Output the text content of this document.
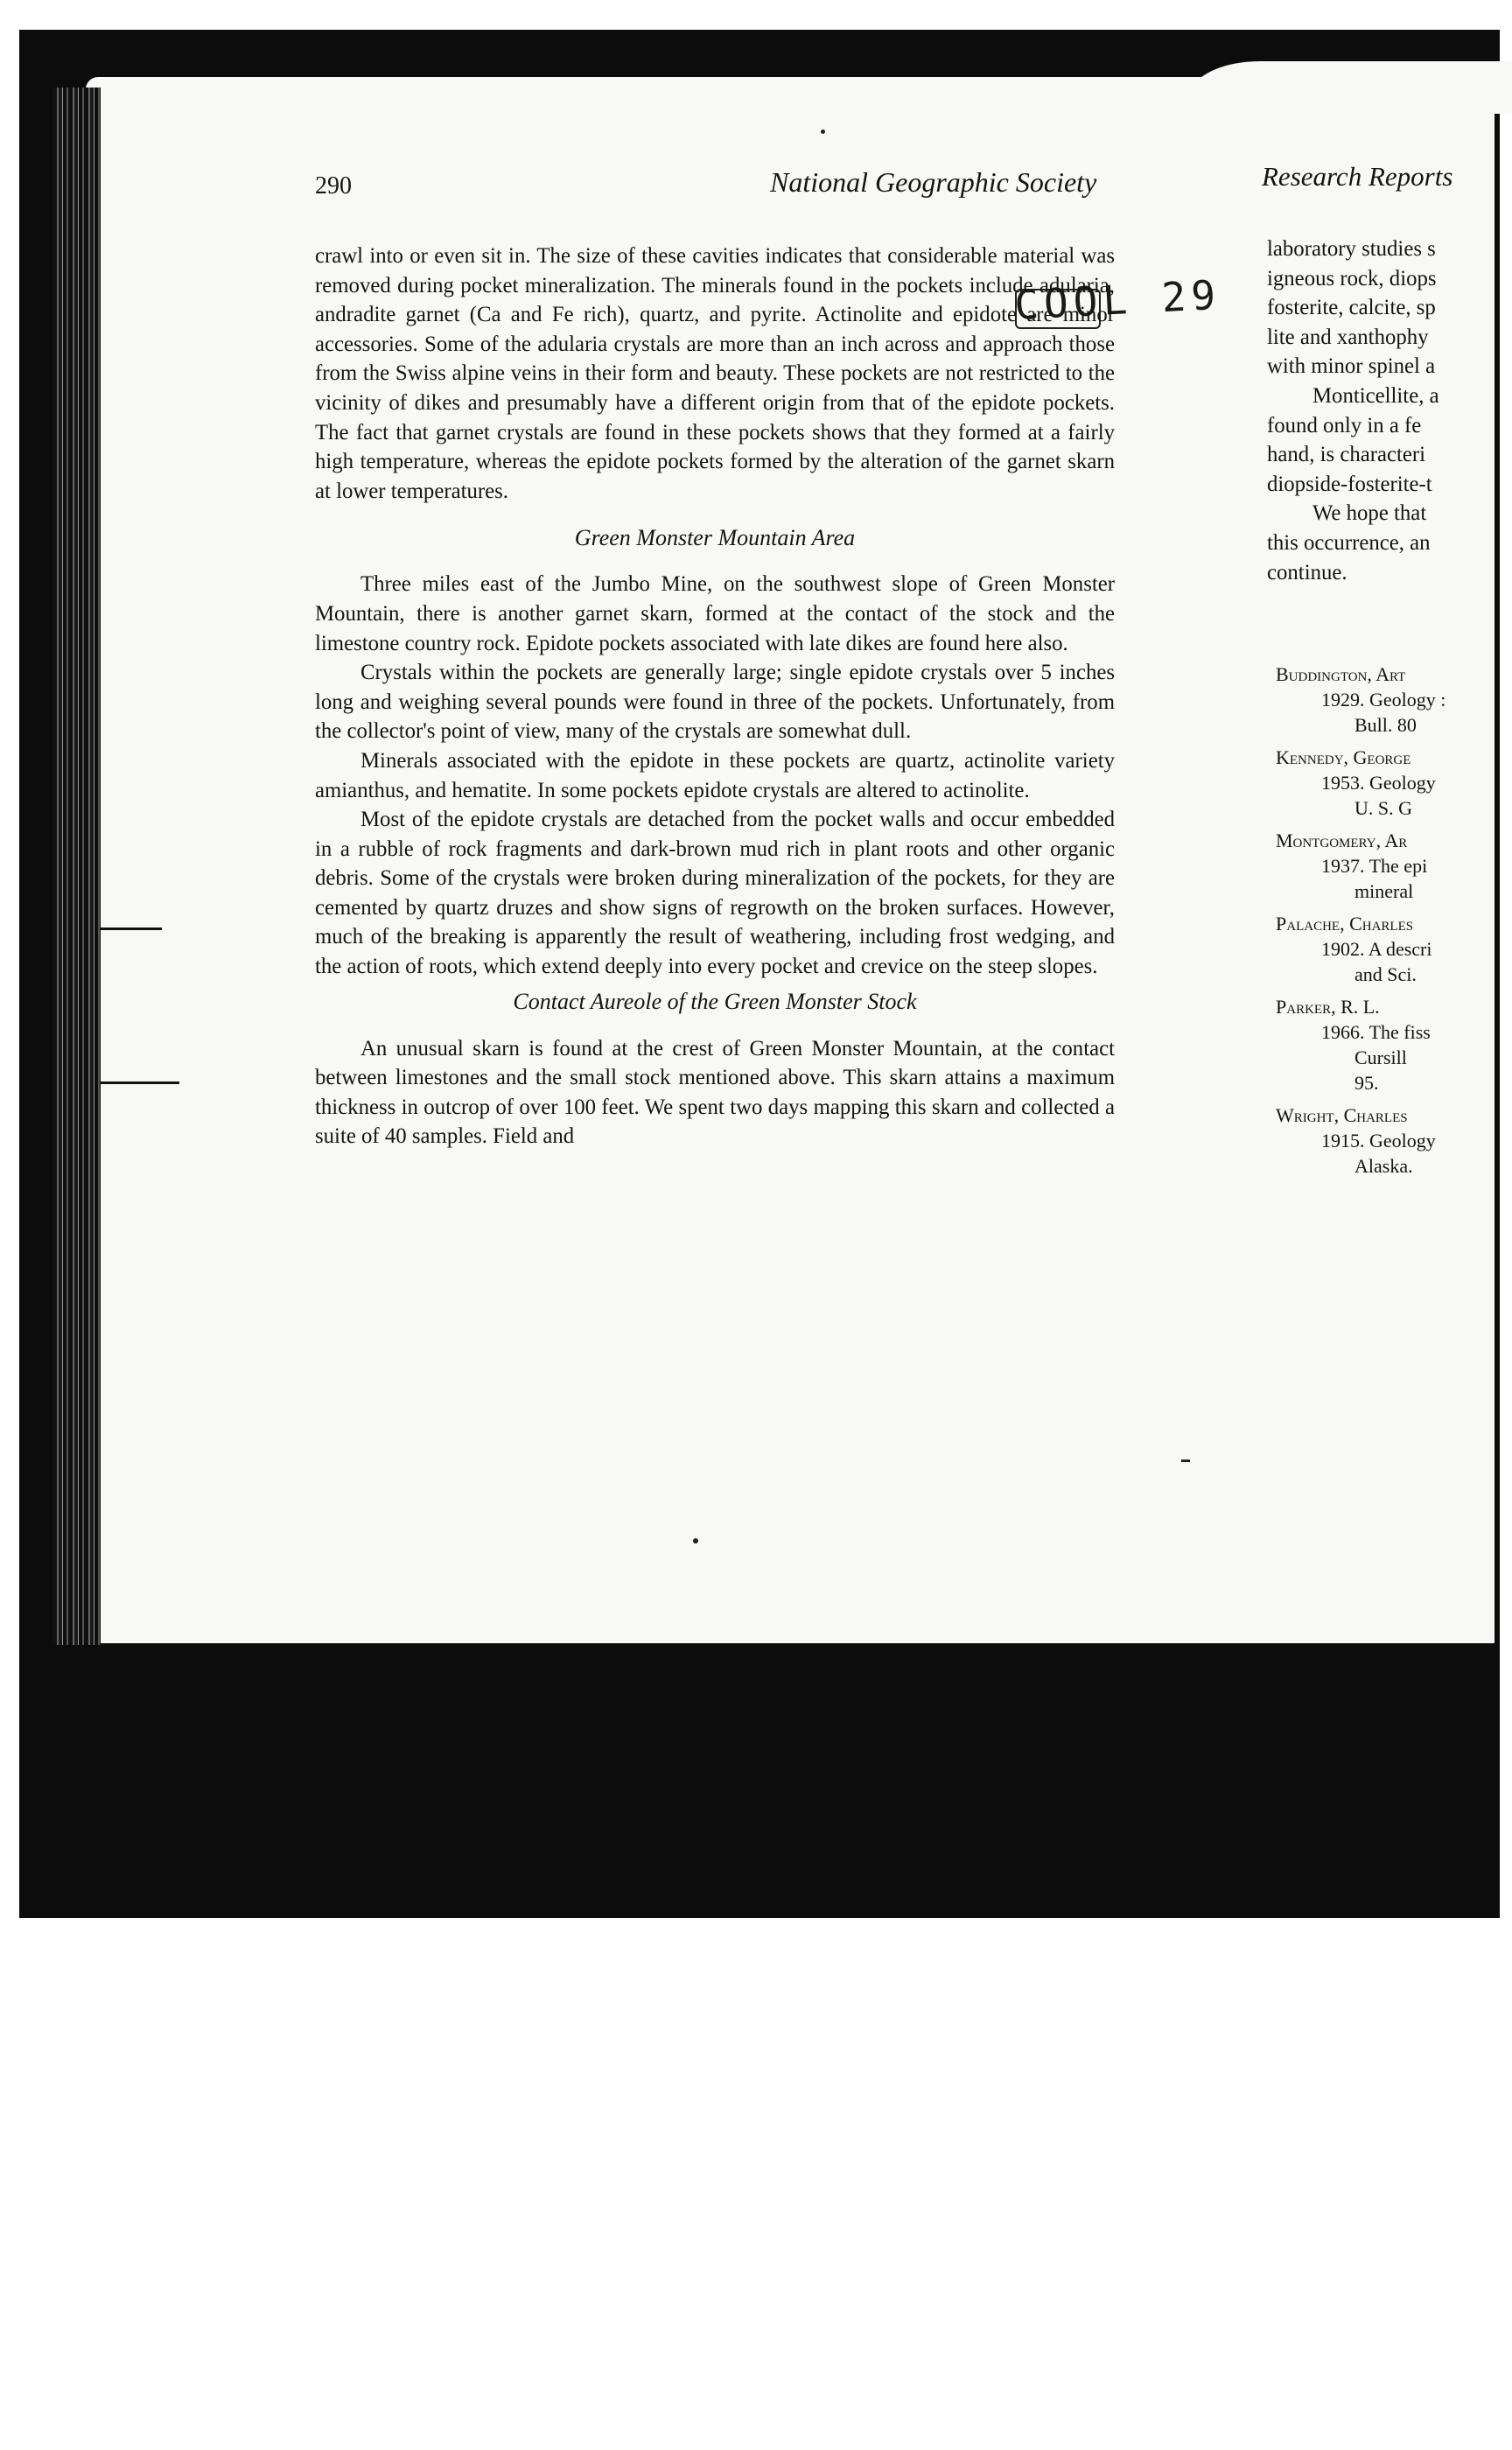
290	National Geographic Society	Research Reports
COOL 29

crawl into or even sit in. The size of these cavities indicates that considerable material was removed during pocket mineralization. The minerals found in the pockets include adularia, andradite garnet (Ca and Fe rich), quartz, and pyrite. Actinolite and epidote are minor accessories. Some of the adularia crystals are more than an inch across and approach those from the Swiss alpine veins in their form and beauty. These pockets are not restricted to the vicinity of dikes and presumably have a different origin from that of the epidote pockets. The fact that garnet crystals are found in these pockets shows that they formed at a fairly high temperature, whereas the epidote pockets formed by the alteration of the garnet skarn at lower temperatures.

Green Monster Mountain Area

Three miles east of the Jumbo Mine, on the southwest slope of Green Monster Mountain, there is another garnet skarn, formed at the contact of the stock and the limestone country rock. Epidote pockets associated with late dikes are found here also.

Crystals within the pockets are generally large; single epidote crystals over 5 inches long and weighing several pounds were found in three of the pockets. Unfortunately, from the collector's point of view, many of the crystals are somewhat dull.

Minerals associated with the epidote in these pockets are quartz, actinolite variety amianthus, and hematite. In some pockets epidote crystals are altered to actinolite.

Most of the epidote crystals are detached from the pocket walls and occur embedded in a rubble of rock fragments and dark-brown mud rich in plant roots and other organic debris. Some of the crystals were broken during mineralization of the pockets, for they are cemented by quartz druzes and show signs of regrowth on the broken surfaces. However, much of the breaking is apparently the result of weathering, including frost wedging, and the action of roots, which extend deeply into every pocket and crevice on the steep slopes.

Contact Aureole of the Green Monster Stock

An unusual skarn is found at the crest of Green Monster Mountain, at the contact between limestones and the small stock mentioned above. This skarn attains a maximum thickness in outcrop of over 100 feet. We spent two days mapping this skarn and collected a suite of 40 samples. Field and

laboratory studies s
igneous rock, diops
fosterite, calcite, sp
lite and xanthophy
with minor spinel a
Monticellite, a
found only in a fe
hand, is characteri
diopside-fosterite-t
We hope that
this occurrence, an
continue.
Buddington, Art
1929. Geology :
Bull. 80
Kennedy, George
1953. Geology
U. S. G
Montgomery, Ar
1937. The epi
mineral
Palache, Charles
1902. A descri
and Sci.
Parker, R. L.
1966. The fiss
Cursill
95.
Wright, Charles
1915. Geology
Alaska.
